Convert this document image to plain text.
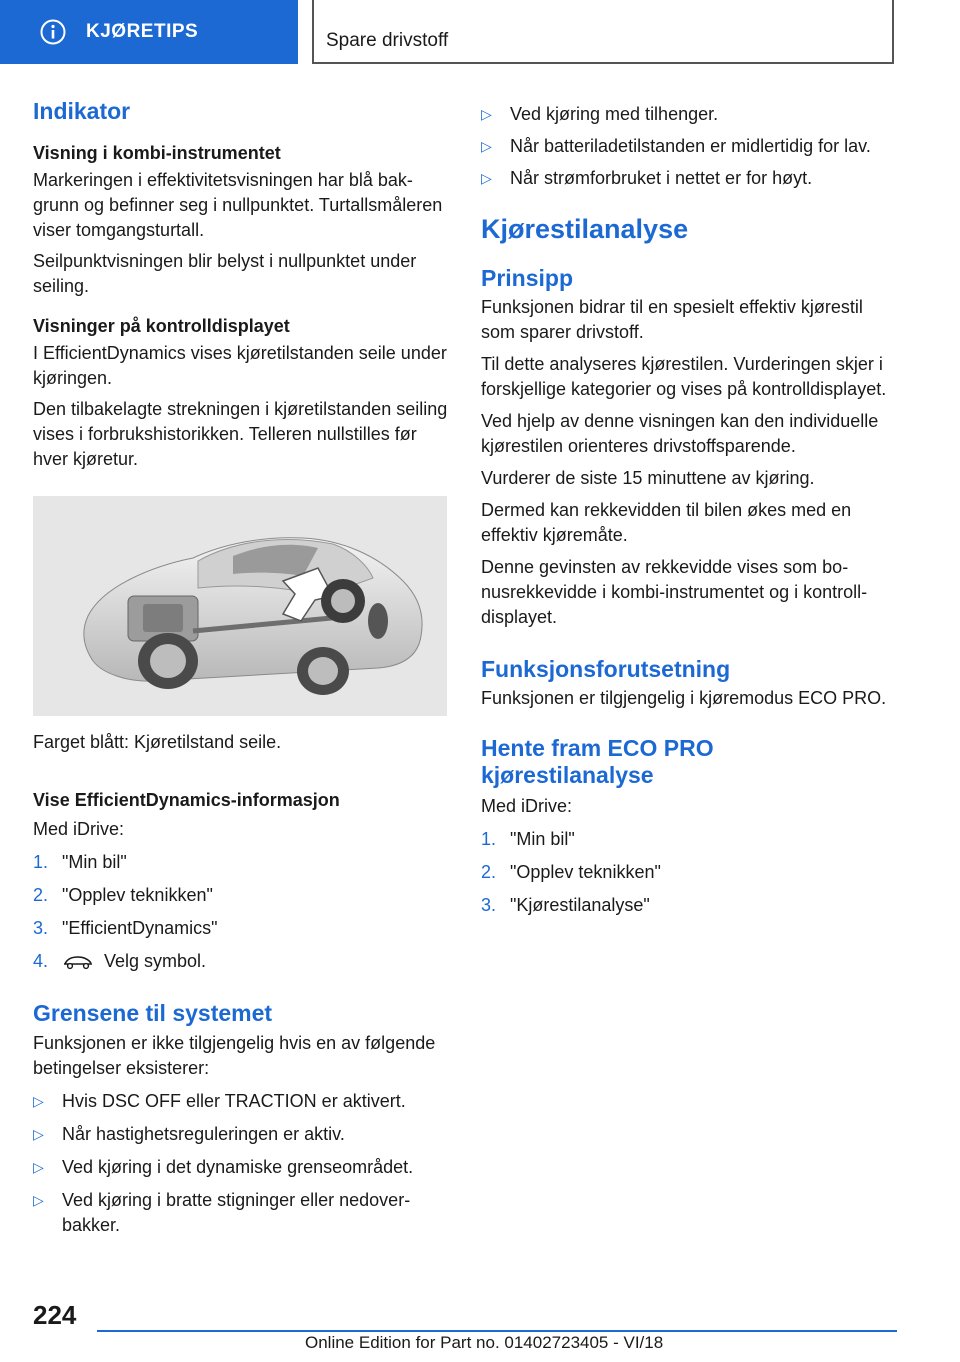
KJØRETIPS	Spare drivstoff
Indikator
Visning i kombi-instrumentet

Markeringen i effektivitetsvisningen har blå bakgrunn og befinner seg i nullpunktet. Turtallsmåleren viser tomgangsturtall.

Seilpunktvisningen blir belyst i nullpunktet under seiling.

Visninger på kontrolldisplayet

I EfficientDynamics vises kjøretilstanden seile under kjøringen.

Den tilbakelagte strekningen i kjøretilstanden seiling vises i forbrukshistorikken. Telleren nullstilles før hver kjøretur.

Farget blått: Kjøretilstand seile.

Vise EfficientDynamics-informasjon

Med iDrive:

1. "Min bil"
2. "Opplev teknikken"
3. "EfficientDynamics"
4.	Velg symbol.
Grensene til systemet

Funksjonen er ikke tilgjengelig hvis en av følgende betingelser eksisterer:

▷ Hvis DSC OFF eller TRACTION er aktivert.
▷ Når hastighetsreguleringen er aktiv.
▷ Ved kjøring i det dynamiske grenseområdet.
▷ Ved kjøring i bratte stigninger eller nedoverbakker.
▷ Ved kjøring med tilhenger.
▷ Når batteriladetilstanden er midlertidig for lav.
▷ Når strømforbruket i nettet er for høyt.
Kjørestilanalyse
Prinsipp

Funksjonen bidrar til en spesielt effektiv kjørestil som sparer drivstoff.

Til dette analyseres kjørestilen. Vurderingen skjer i forskjellige kategorier og vises på kontrolldisplayet.

Ved hjelp av denne visningen kan den individuelle kjørestilen orienteres drivstoffsparende.

Vurderer de siste 15 minuttene av kjøring.

Dermed kan rekkevidden til bilen økes med en effektiv kjøremåte.

Denne gevinsten av rekkevidde vises som bonusrekkevidde i kombi-instrumentet og i kontrolldisplayet.

Funksjonsforutsetning

Funksjonen er tilgjengelig i kjøremodus ECO PRO.

Hente fram ECO PRO kjørestilanalyse

Med iDrive:

1. "Min bil"
2. "Opplev teknikken"
3. "Kjørestilanalyse"
224
Online Edition for Part no. 01402723405 - VI/18
